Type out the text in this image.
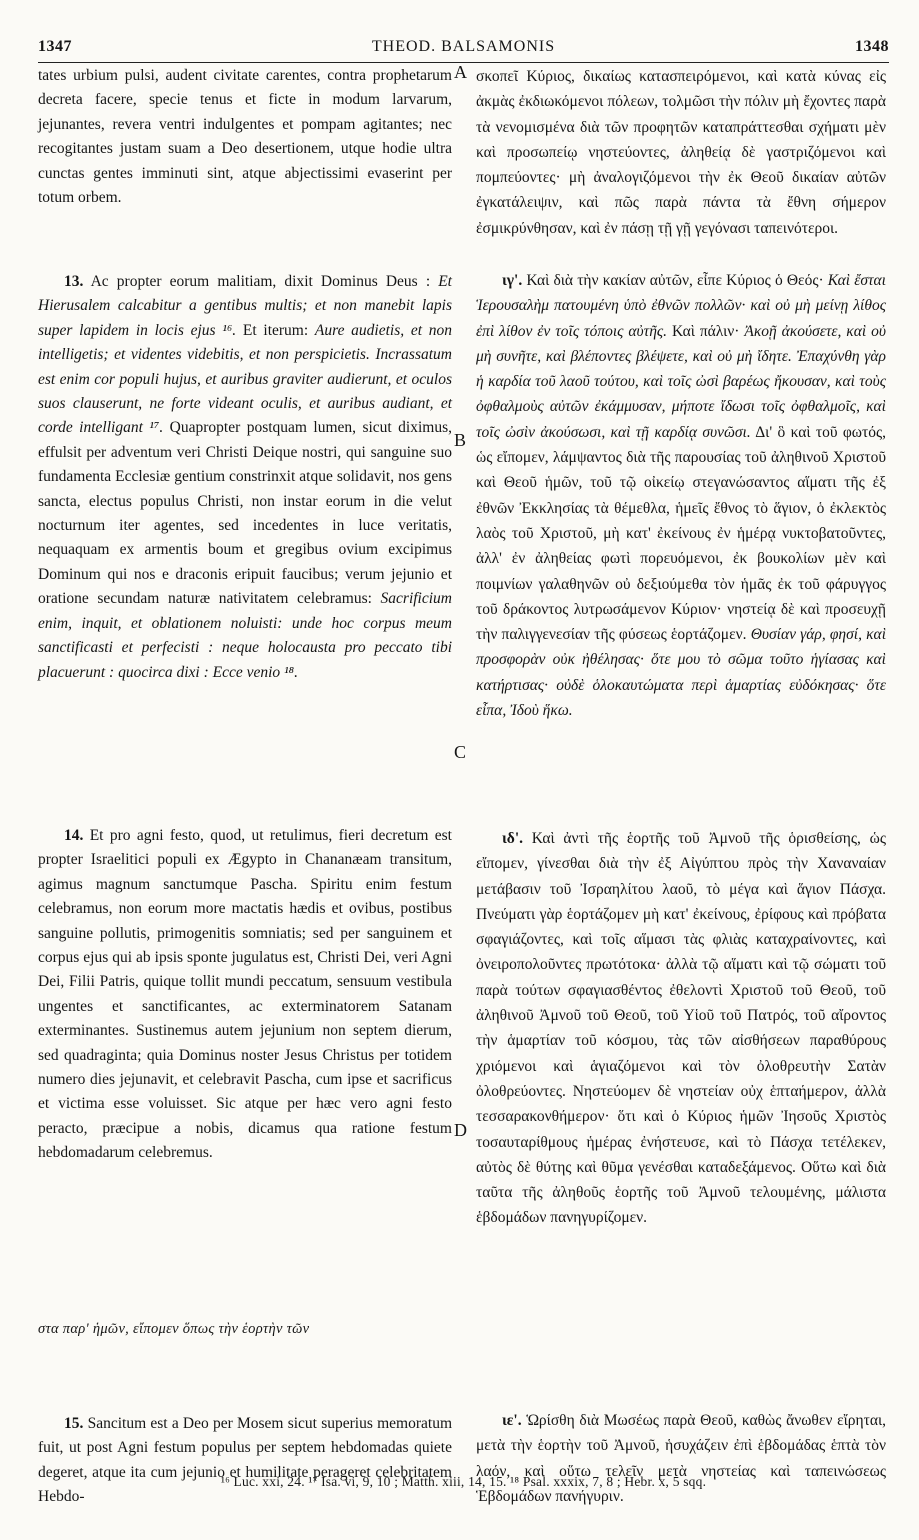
1347	THEOD. BALSAMONIS	1348
tates urbium pulsi, audent civitate carentes, contra prophetarum decreta facere, specie tenus et ficte in modum larvarum, jejunantes, revera ventri indulgentes et pompam agitantes; nec recogitantes justam suam a Deo desertionem, utque hodie ultra cunctas gentes imminuti sint, atque abjectissimi evaserint per totum orbem.
13. Ac propter eorum malitiam, dixit Dominus Deus : Et Hierusalem calcabitur a gentibus multis; et non manebit lapis super lapidem in locis ejus ¹⁶. Et iterum: Aure audietis, et non intelligetis; et videntes videbitis, et non perspicietis. Incrassatum est enim cor populi hujus, et auribus graviter audierunt, et oculos suos clauserunt, ne forte videant oculis, et auribus audiant, et corde intelligant ¹⁷. Quapropter postquam lumen, sicut diximus, effulsit per adventum veri Christi Deique nostri, qui sanguine suo fundamenta Ecclesiæ gentium constrinxit atque solidavit, nos gens sancta, electus populus Christi, non instar eorum in die velut nocturnum iter agentes, sed incedentes in luce veritatis, nequaquam ex armentis boum et gregibus ovium excipimus Dominum qui nos e draconis eripuit faucibus; verum jejunio et oratione secundam naturæ nativitatem celebramus: Sacrificium enim, inquit, et oblationem noluisti: unde hoc corpus meum sanctificasti et perfecisti : neque holocausta pro peccato tibi placuerunt : quocirca dixi : Ecce venio ¹⁸.
14. Et pro agni festo, quod, ut retulimus, fieri decretum est propter Israelitici populi ex Ægypto in Chananæam transitum, agimus magnum sanctumque Pascha. Spiritu enim festum celebramus, non eorum more mactatis hædis et ovibus, postibus sanguine pollutis, primogenitis somniatis; sed per sanguinem et corpus ejus qui ab ipsis sponte jugulatus est, Christi Dei, veri Agni Dei, Filii Patris, quique tollit mundi peccatum, sensuum vestibula ungentes et sanctificantes, ac exterminatorem Satanam exterminantes. Sustinemus autem jejunium non septem dierum, sed quadraginta; quia Dominus noster Jesus Christus per totidem numero dies jejunavit, et celebravit Pascha, cum ipse et sacrificus et victima esse voluisset. Sic atque per hæc vero agni festo peracto, præcipue a nobis, dicamus qua ratione festum hebdomadarum celebremus.
15. Sancitum est a Deo per Mosem sicut superius memoratum fuit, ut post Agni festum populus per septem hebdomadas quiete degeret, atque ita cum jejunio et humilitate perageret celebritatem Hebdo-
στα παρ' ἡμῶν, εἴπομεν ὅπως τὴν ἑορτὴν τῶν
A
B
C
D
σκοπεῖ Κύριος, δικαίως κατασπειρόμενοι, καὶ κατὰ κύνας εἰς ἀκμὰς ἐκδιωκόμενοι πόλεων, τολμῶσι τὴν πόλιν μὴ ἔχοντες παρὰ τὰ νενομισμένα διὰ τῶν προφητῶν καταπράττεσθαι σχήματι μὲν καὶ προσωπείῳ νηστεύοντες, ἀληθείᾳ δὲ γαστριζόμενοι καὶ πομπεύοντες· μὴ ἀναλογιζόμενοι τὴν ἐκ Θεοῦ δικαίαν αὐτῶν ἐγκατάλειψιν, καὶ πῶς παρὰ πάντα τὰ ἔθνη σήμερον ἐσμικρύνθησαν, καὶ ἐν πάσῃ τῇ γῇ γεγόνασι ταπεινότεροι.
ιγ'. Καὶ διὰ τὴν κακίαν αὐτῶν, εἶπε Κύριος ὁ Θεός· Καὶ ἔσται Ἱερουσαλὴμ πατουμένη ὑπὸ ἐθνῶν πολλῶν· καὶ οὐ μὴ μείνῃ λίθος ἐπὶ λίθον ἐν τοῖς τόποις αὐτῆς. Καὶ πάλιν· Ἀκοῇ ἀκούσετε, καὶ οὐ μὴ συνῆτε, καὶ βλέποντες βλέψετε, καὶ οὐ μὴ ἴδητε. Ἐπαχύνθη γὰρ ἡ καρδία τοῦ λαοῦ τούτου, καὶ τοῖς ὠσὶ βαρέως ἤκουσαν, καὶ τοὺς ὀφθαλμοὺς αὐτῶν ἐκάμμυσαν, μήποτε ἴδωσι τοῖς ὀφθαλμοῖς, καὶ τοῖς ὠσὶν ἀκούσωσι, καὶ τῇ καρδίᾳ συνῶσι. Δι' ὃ καὶ τοῦ φωτός, ὡς εἴπομεν, λάμψαντος διὰ τῆς παρουσίας τοῦ ἀληθινοῦ Χριστοῦ καὶ Θεοῦ ἡμῶν, τοῦ τῷ οἰκείῳ στεγανώσαντος αἵματι τῆς ἐξ ἐθνῶν Ἐκκλησίας τὰ θέμεθλα, ἡμεῖς ἔθνος τὸ ἅγιον, ὁ ἐκλεκτὸς λαὸς τοῦ Χριστοῦ, μὴ κατ' ἐκείνους ἐν ἡμέρᾳ νυκτοβατοῦντες, ἀλλ' ἐν ἀληθείας φωτὶ πορευόμενοι, ἐκ βουκολίων μὲν καὶ ποιμνίων γαλαθηνῶν οὐ δεξιούμεθα τὸν ἡμᾶς ἐκ τοῦ φάρυγγος τοῦ δράκοντος λυτρωσάμενον Κύριον· νηστείᾳ δὲ καὶ προσευχῇ τὴν παλιγγενεσίαν τῆς φύσεως ἑορτάζομεν. Θυσίαν γάρ, φησί, καὶ προσφορὰν οὐκ ἠθέλησας· ὅτε μου τὸ σῶμα τοῦτο ἡγίασας καὶ κατήρτισας· οὐδὲ ὁλοκαυτώματα περὶ ἁμαρτίας εὐδόκησας· ὅτε εἶπα, Ἰδοὺ ἥκω.
ιδ'. Καὶ ἀντὶ τῆς ἑορτῆς τοῦ Ἀμνοῦ τῆς ὁρισθείσης, ὡς εἴπομεν, γίνεσθαι διὰ τὴν ἐξ Αἰγύπτου πρὸς τὴν Χαναναίαν μετάβασιν τοῦ Ἰσραηλίτου λαοῦ, τὸ μέγα καὶ ἅγιον Πάσχα. Πνεύματι γὰρ ἑορτάζομεν μὴ κατ' ἐκείνους, ἐρίφους καὶ πρόβατα σφαγιάζοντες, καὶ τοῖς αἵμασι τὰς φλιὰς καταχραίνοντες, καὶ ὀνειροπολοῦντες πρωτότοκα· ἀλλὰ τῷ αἵματι καὶ τῷ σώματι τοῦ παρὰ τούτων σφαγιασθέντος ἐθελοντὶ Χριστοῦ τοῦ Θεοῦ, τοῦ ἀληθινοῦ Ἀμνοῦ τοῦ Θεοῦ, τοῦ Υἱοῦ τοῦ Πατρός, τοῦ αἴροντος τὴν ἁμαρτίαν τοῦ κόσμου, τὰς τῶν αἰσθήσεων παραθύρους χριόμενοι καὶ ἁγιαζόμενοι καὶ τὸν ὀλοθρευτὴν Σατὰν ὀλοθρεύοντες. Νηστεύομεν δὲ νηστείαν οὐχ ἑπταήμερον, ἀλλὰ τεσσαρακονθήμερον· ὅτι καὶ ὁ Κύριος ἡμῶν Ἰησοῦς Χριστὸς τοσαυταρίθμους ἡμέρας ἐνήστευσε, καὶ τὸ Πάσχα τετέλεκεν, αὐτὸς δὲ θύτης καὶ θῦμα γενέσθαι καταδεξάμενος. Οὕτω καὶ διὰ ταῦτα τῆς ἀληθοῦς ἑορτῆς τοῦ Ἀμνοῦ τελουμένης, μάλιστα ἑβδομάδων πανηγυρίζομεν.
ιε'. Ὡρίσθη διὰ Μωσέως παρὰ Θεοῦ, καθὼς ἄνωθεν εἴρηται, μετὰ τὴν ἑορτὴν τοῦ Ἀμνοῦ, ἡσυχάζειν ἐπὶ ἑβδομάδας ἑπτὰ τὸν λαόν, καὶ οὕτω τελεῖν μετὰ νηστείας καὶ ταπεινώσεως Ἑβδομάδων πανήγυριν.
¹⁶ Luc. xxi, 24. ¹⁷ Isa. vi, 9, 10 ; Matth. xiii, 14, 15. ¹⁸ Psal. xxxix, 7, 8 ; Hebr. x, 5 sqq.
